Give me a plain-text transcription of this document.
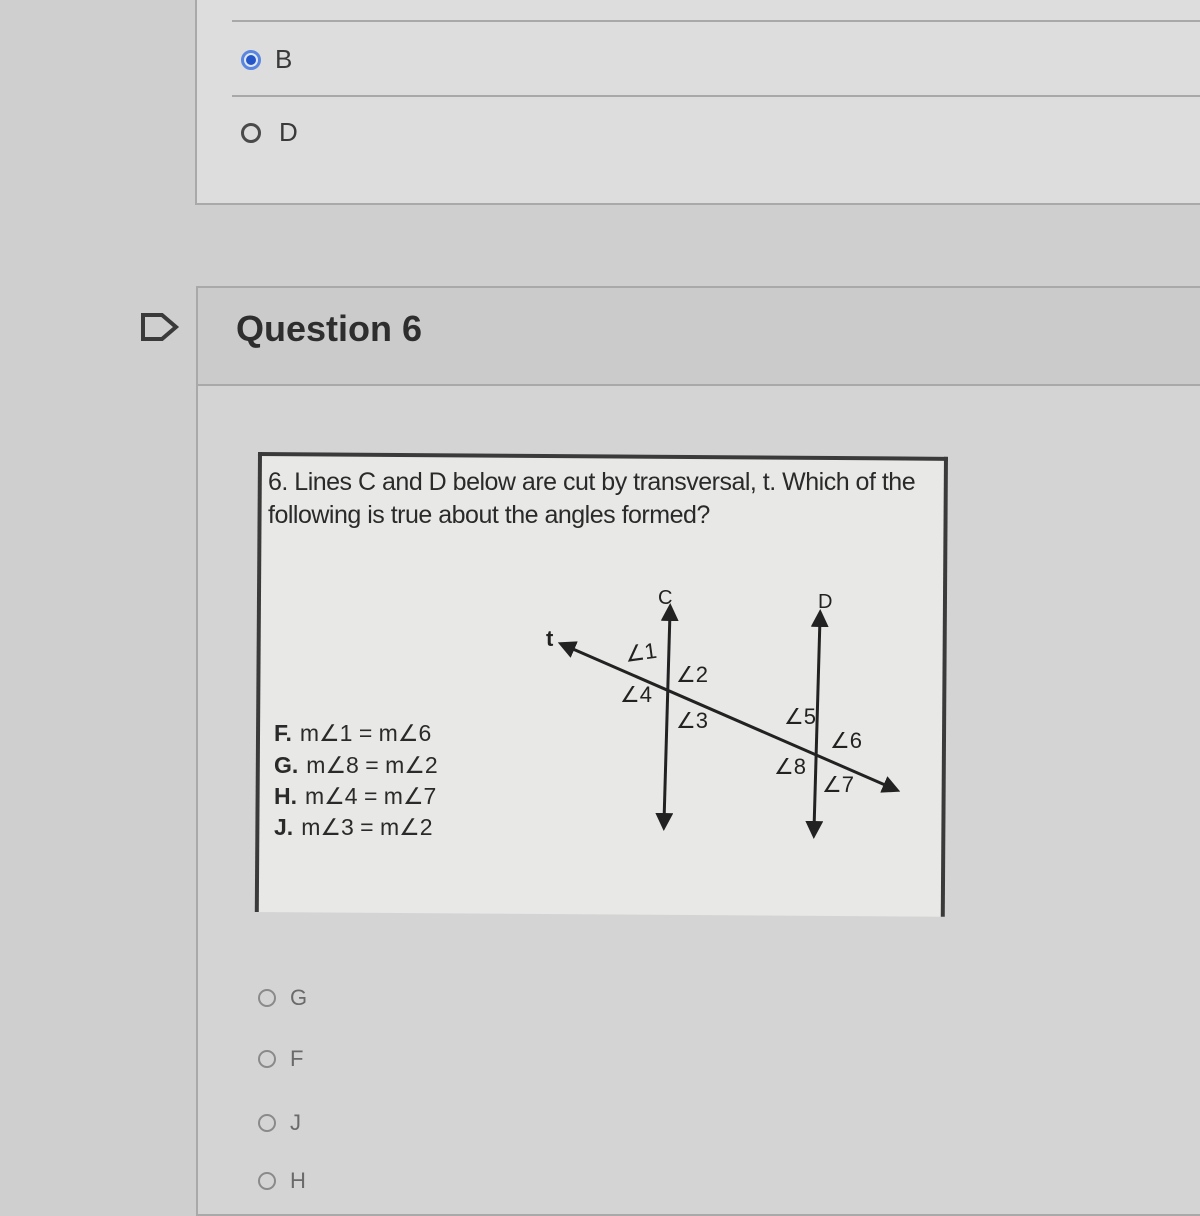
B
D
Question 6
6. Lines C and D below are cut by transversal, t. Which of the following is true about the angles formed?
F. m∠1 = m∠6
G. m∠8 = m∠2
H. m∠4 = m∠7
J. m∠3 = m∠2
C	D
t	∠1
∠2
∠3
∠4
∠5
∠6
∠7
∠8
G
F
J
H
